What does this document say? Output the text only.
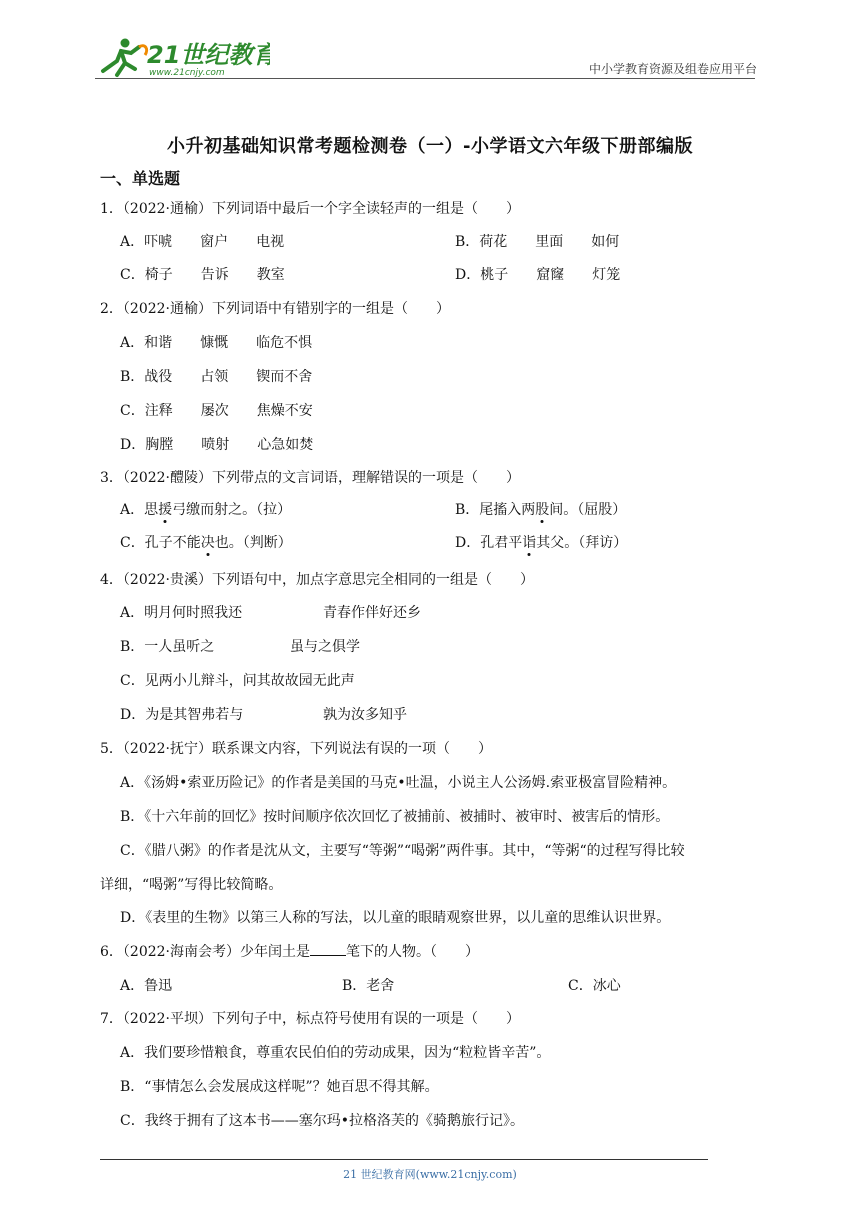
21世纪教育
www.21cnjy.com	中小学教育资源及组卷应用平台
小升初基础知识常考题检测卷（一）-小学语文六年级下册部编版
一、单选题
1．（2022·通榆）下列词语中最后一个字全读轻声的一组是（　　）
A．吓唬　　窗户　　电视	B．荷花　　里面　　如何
C．椅子　　告诉　　教室	D．桃子　　窟窿　　灯笼
2．（2022·通榆）下列词语中有错别字的一组是（　　）
A．和谐　　慷慨　　临危不惧
B．战役　　占领　　锲而不舍
C．注释　　屡次　　焦燥不安
D．胸膛　　喷射　　心急如焚
3．（2022·醴陵）下列带点的文言词语，理解错误的一项是（　　）
A．思援弓缴而射之。（拉）	B．尾搐入两股间。（屈股）
C．孔子不能决也。（判断）	D．孔君平诣其父。（拜访）
4．（2022·贵溪）下列语句中，加点字意思完全相同的一组是（　　）
A．明月何时照我还	青春作伴好还乡
B．一人虽听之	虽与之俱学
C．见两小儿辩斗，问其故故园无此声
D．为是其智弗若与	孰为汝多知乎
5．（2022·抚宁）联系课文内容，下列说法有误的一项（　　）
A．《汤姆•索亚历险记》的作者是美国的马克•吐温，小说主人公汤姆.索亚极富冒险精神。
B．《十六年前的回忆》按时间顺序依次回忆了被捕前、被捕时、被审时、被害后的情形。
C．《腊八粥》的作者是沈从文，主要写“等粥”“喝粥”两件事。其中，“等粥“的过程写得比较
详细，“喝粥”写得比较简略。
D．《表里的生物》以第三人称的写法，以儿童的眼睛观察世界，以儿童的思维认识世界。
6．（2022·海南会考）少年闰土是	笔下的人物。（　　）
A．鲁迅	B．老舍	C．冰心
7．（2022·平坝）下列句子中，标点符号使用有误的一项是（　　）
A．我们要珍惜粮食，尊重农民伯伯的劳动成果，因为“粒粒皆辛苦”。
B．“事情怎么会发展成这样呢”？她百思不得其解。
C．我终于拥有了这本书——塞尔玛•拉格洛芙的《骑鹅旅行记》。
21 世纪教育网(www.21cnjy.com)
